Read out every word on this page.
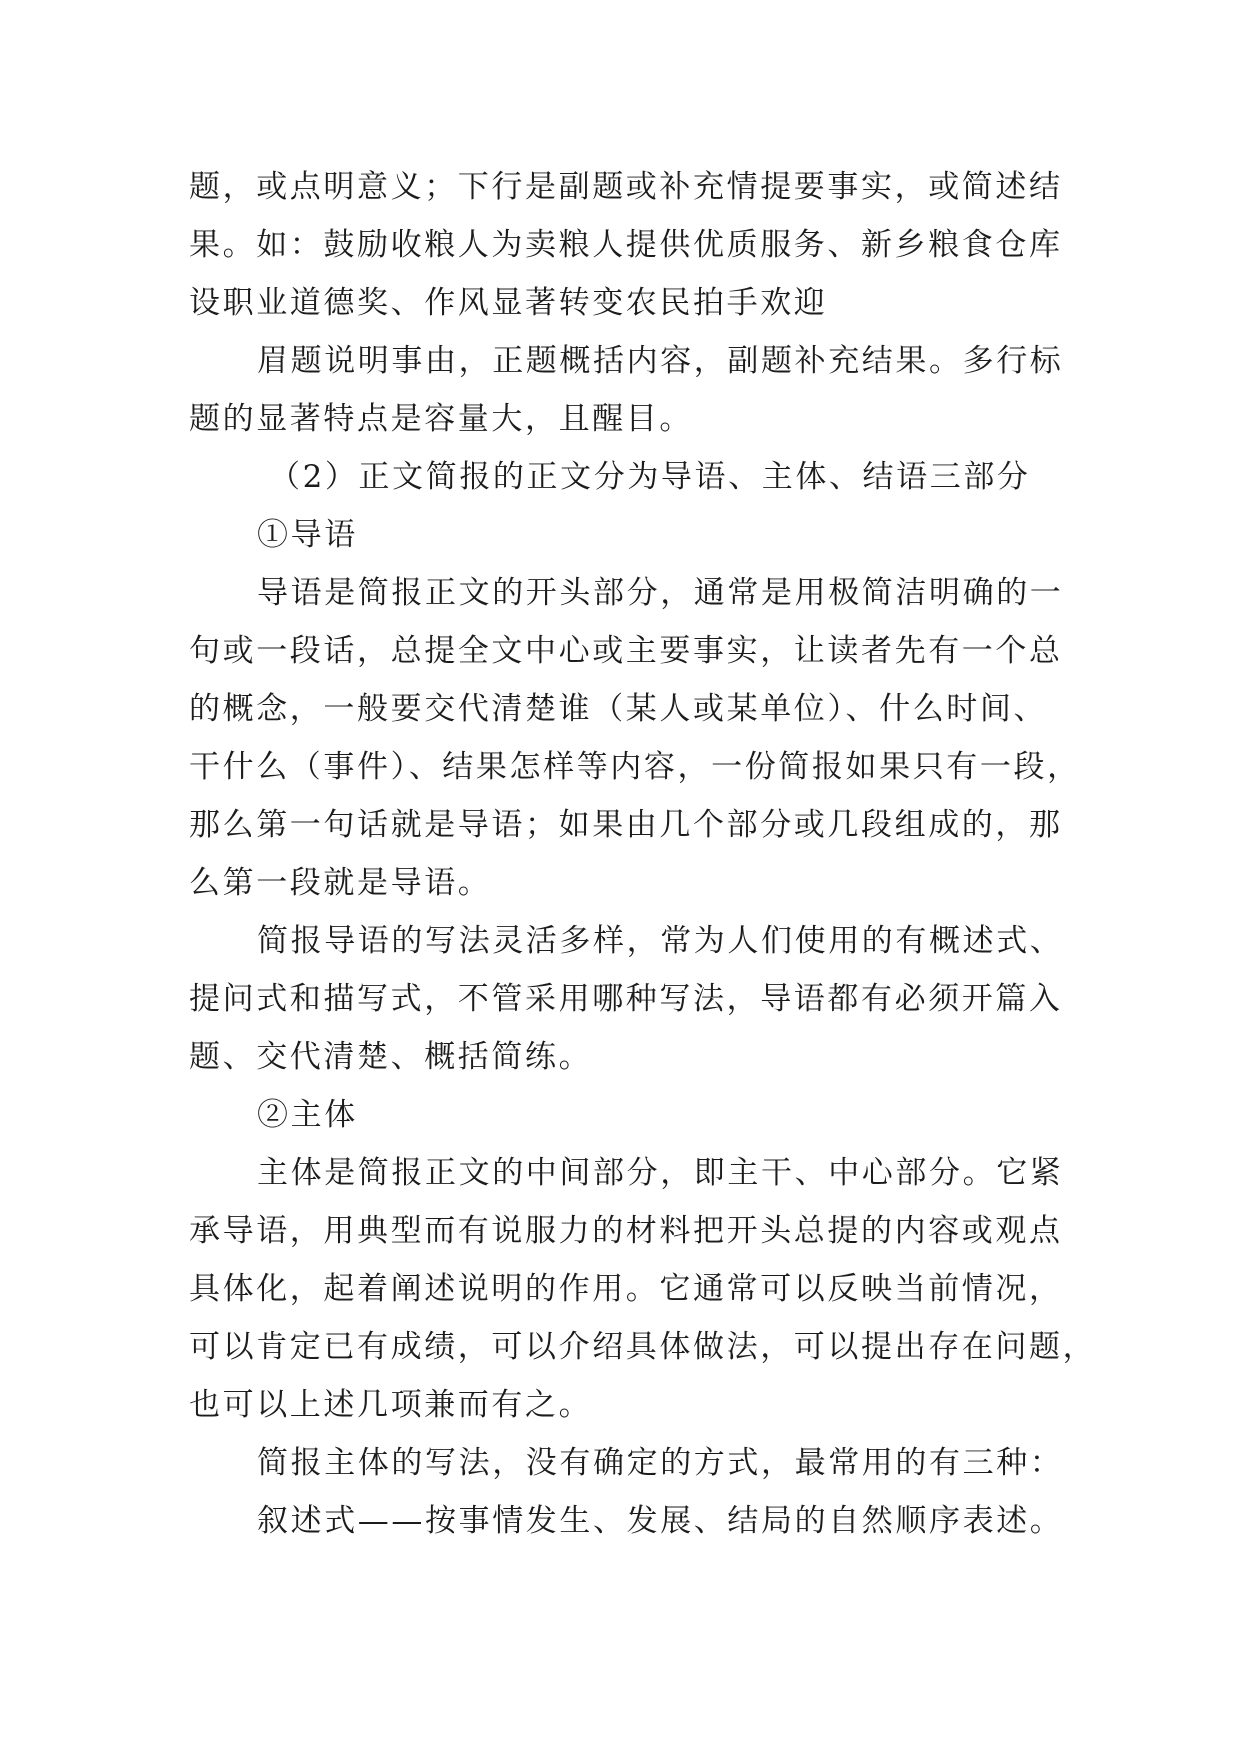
题，或点明意义；下行是副题或补充情提要事实，或简述结
果。如：鼓励收粮人为卖粮人提供优质服务、新乡粮食仓库
设职业道德奖、作风显著转变农民拍手欢迎
眉题说明事由，正题概括内容，副题补充结果。多行标
题的显著特点是容量大，且醒目。
（2）正文简报的正文分为导语、主体、结语三部分
①导语
导语是简报正文的开头部分，通常是用极简洁明确的一
句或一段话，总提全文中心或主要事实，让读者先有一个总
的概念，一般要交代清楚谁（某人或某单位）、什么时间、
干什么（事件）、结果怎样等内容，一份简报如果只有一段，
那么第一句话就是导语；如果由几个部分或几段组成的，那
么第一段就是导语。
简报导语的写法灵活多样，常为人们使用的有概述式、
提问式和描写式，不管采用哪种写法，导语都有必须开篇入
题、交代清楚、概括简练。
②主体
主体是简报正文的中间部分，即主干、中心部分。它紧
承导语，用典型而有说服力的材料把开头总提的内容或观点
具体化，起着阐述说明的作用。它通常可以反映当前情况，
可以肯定已有成绩，可以介绍具体做法，可以提出存在问题，
也可以上述几项兼而有之。
简报主体的写法，没有确定的方式，最常用的有三种：
叙述式——按事情发生、发展、结局的自然顺序表述。
